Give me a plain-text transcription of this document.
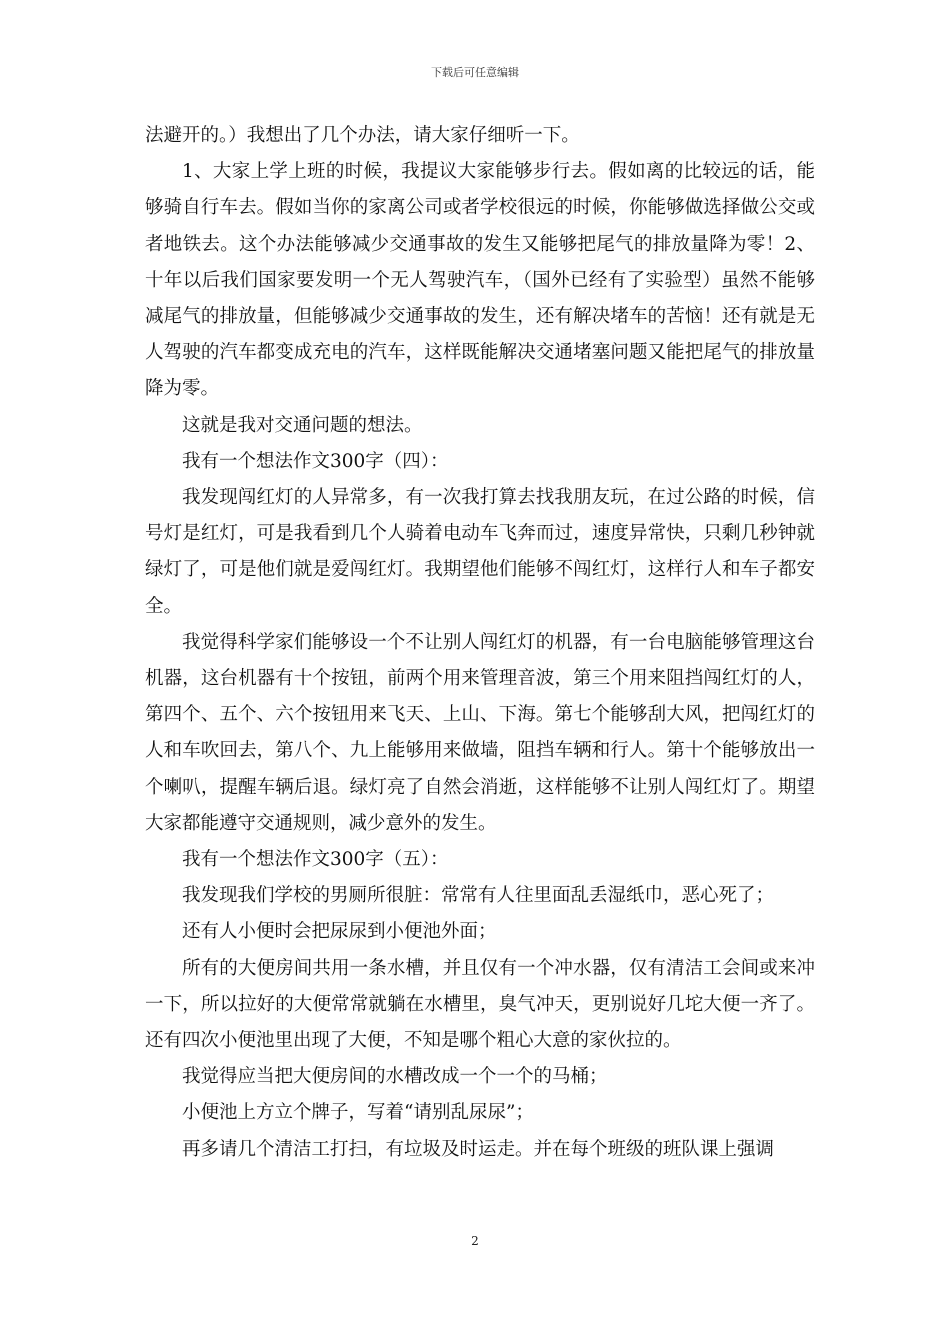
下载后可任意编辑

法避开的。）我想出了几个办法，请大家仔细听一下。

1、大家上学上班的时候，我提议大家能够步行去。假如离的比较远的话，能够骑自行车去。假如当你的家离公司或者学校很远的时候，你能够做选择做公交或者地铁去。这个办法能够减少交通事故的发生又能够把尾气的排放量降为零！2、十年以后我们国家要发明一个无人驾驶汽车，（国外已经有了实验型）虽然不能够减尾气的排放量，但能够减少交通事故的发生，还有解决堵车的苦恼！还有就是无人驾驶的汽车都变成充电的汽车，这样既能解决交通堵塞问题又能把尾气的排放量降为零。

这就是我对交通问题的想法。

我有一个想法作文300字（四）：

我发现闯红灯的人异常多，有一次我打算去找我朋友玩，在过公路的时候，信号灯是红灯，可是我看到几个人骑着电动车飞奔而过，速度异常快，只剩几秒钟就绿灯了，可是他们就是爱闯红灯。我期望他们能够不闯红灯，这样行人和车子都安全。

我觉得科学家们能够设一个不让别人闯红灯的机器，有一台电脑能够管理这台机器，这台机器有十个按钮，前两个用来管理音波，第三个用来阻挡闯红灯的人，第四个、五个、六个按钮用来飞天、上山、下海。第七个能够刮大风，把闯红灯的人和车吹回去，第八个、九上能够用来做墙，阻挡车辆和行人。第十个能够放出一个喇叭，提醒车辆后退。绿灯亮了自然会消逝，这样能够不让别人闯红灯了。期望大家都能遵守交通规则，减少意外的发生。

我有一个想法作文300字（五）：

我发现我们学校的男厕所很脏：常常有人往里面乱丢湿纸巾，恶心死了；

还有人小便时会把尿尿到小便池外面；

所有的大便房间共用一条水槽，并且仅有一个冲水器，仅有清洁工会间或来冲一下，所以拉好的大便常常就躺在水槽里，臭气冲天，更别说好几坨大便一齐了。还有四次小便池里出现了大便，不知是哪个粗心大意的家伙拉的。

我觉得应当把大便房间的水槽改成一个一个的马桶；

小便池上方立个牌子，写着“请别乱尿尿”；

再多请几个清洁工打扫，有垃圾及时运走。并在每个班级的班队课上强调

2
